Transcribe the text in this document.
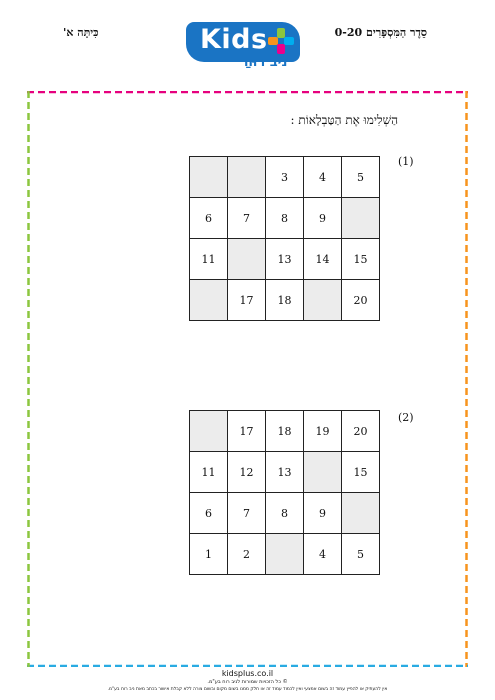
סֵדֶר הַמִּסְפָּרִים 0-20
כִּיתָּה א'	Kids
ניב רוּחַ
הַשְׁלִימוּ אֶת הַטַּבְלָאוֹת :
(1)
		3	4	5
6	7	8	9	
11		13	14	15
	17	18		20
(2)
	17	18	19	20
11	12	13		15
6	7	8	9	
1	2		4	5
kidsplus.co.il
© כל הזכויות שמורות לניב רוח בע"מ.
אין להעתיק או להפיץ עמוד זה בשום אמצעי ואין לכמוד עמוד זה או חלק ממנו בשום מקום ובשום צורה ללא קבלת אישור בכתב מאת ניב רוח בע"מ.
